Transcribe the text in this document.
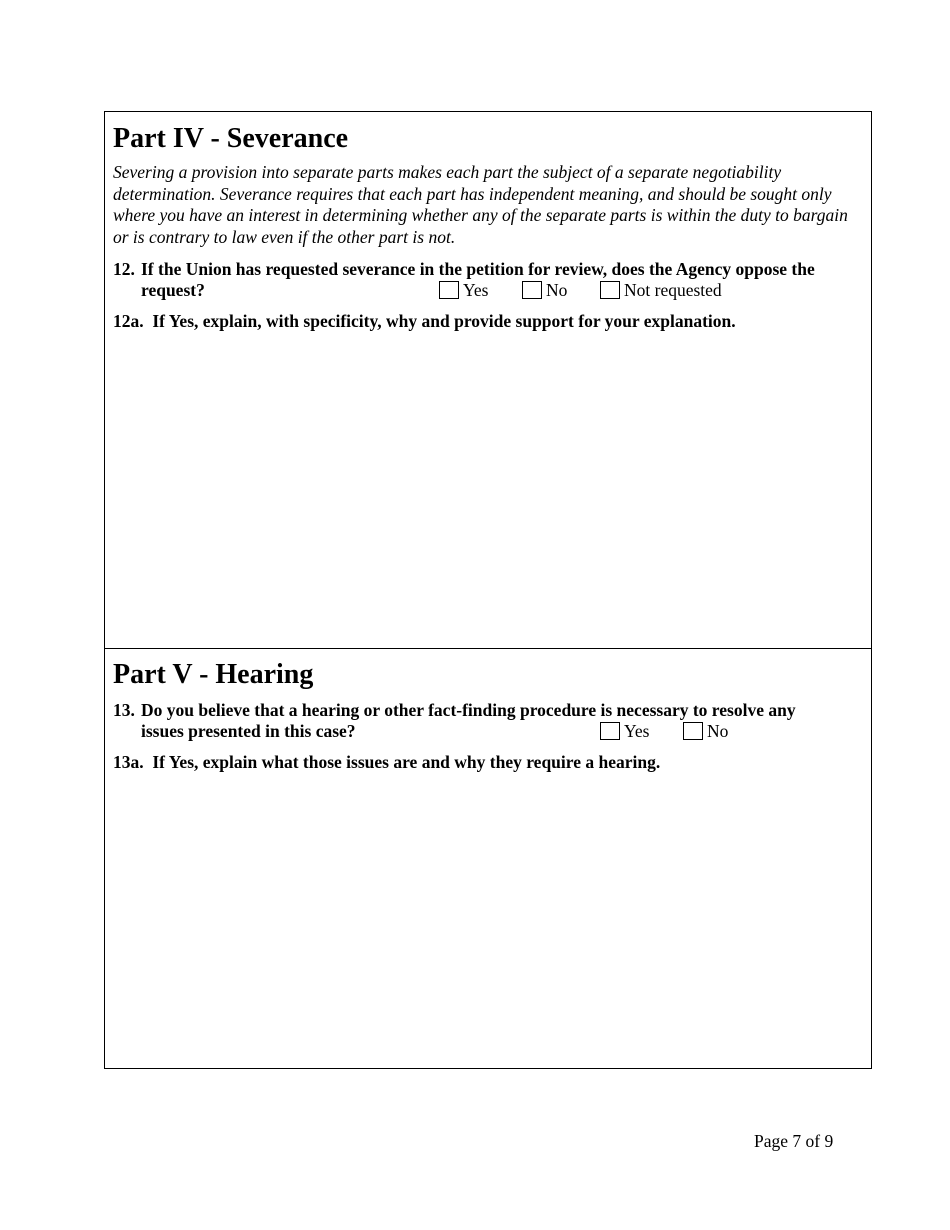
Part IV - Severance
Severing a provision into separate parts makes each part the subject of a separate negotiability determination. Severance requires that each part has independent meaning, and should be sought only where you have an interest in determining whether any of the separate parts is within the duty to bargain or is contrary to law even if the other part is not.
12. If the Union has requested severance in the petition for review, does the Agency oppose the
request?	Yes	No	Not requested
12a. If Yes, explain, with specificity, why and provide support for your explanation.
Part V - Hearing
13. Do you believe that a hearing or other fact-finding procedure is necessary to resolve any
issues presented in this case?	Yes	No
13a. If Yes, explain what those issues are and why they require a hearing.
Page 7 of 9
